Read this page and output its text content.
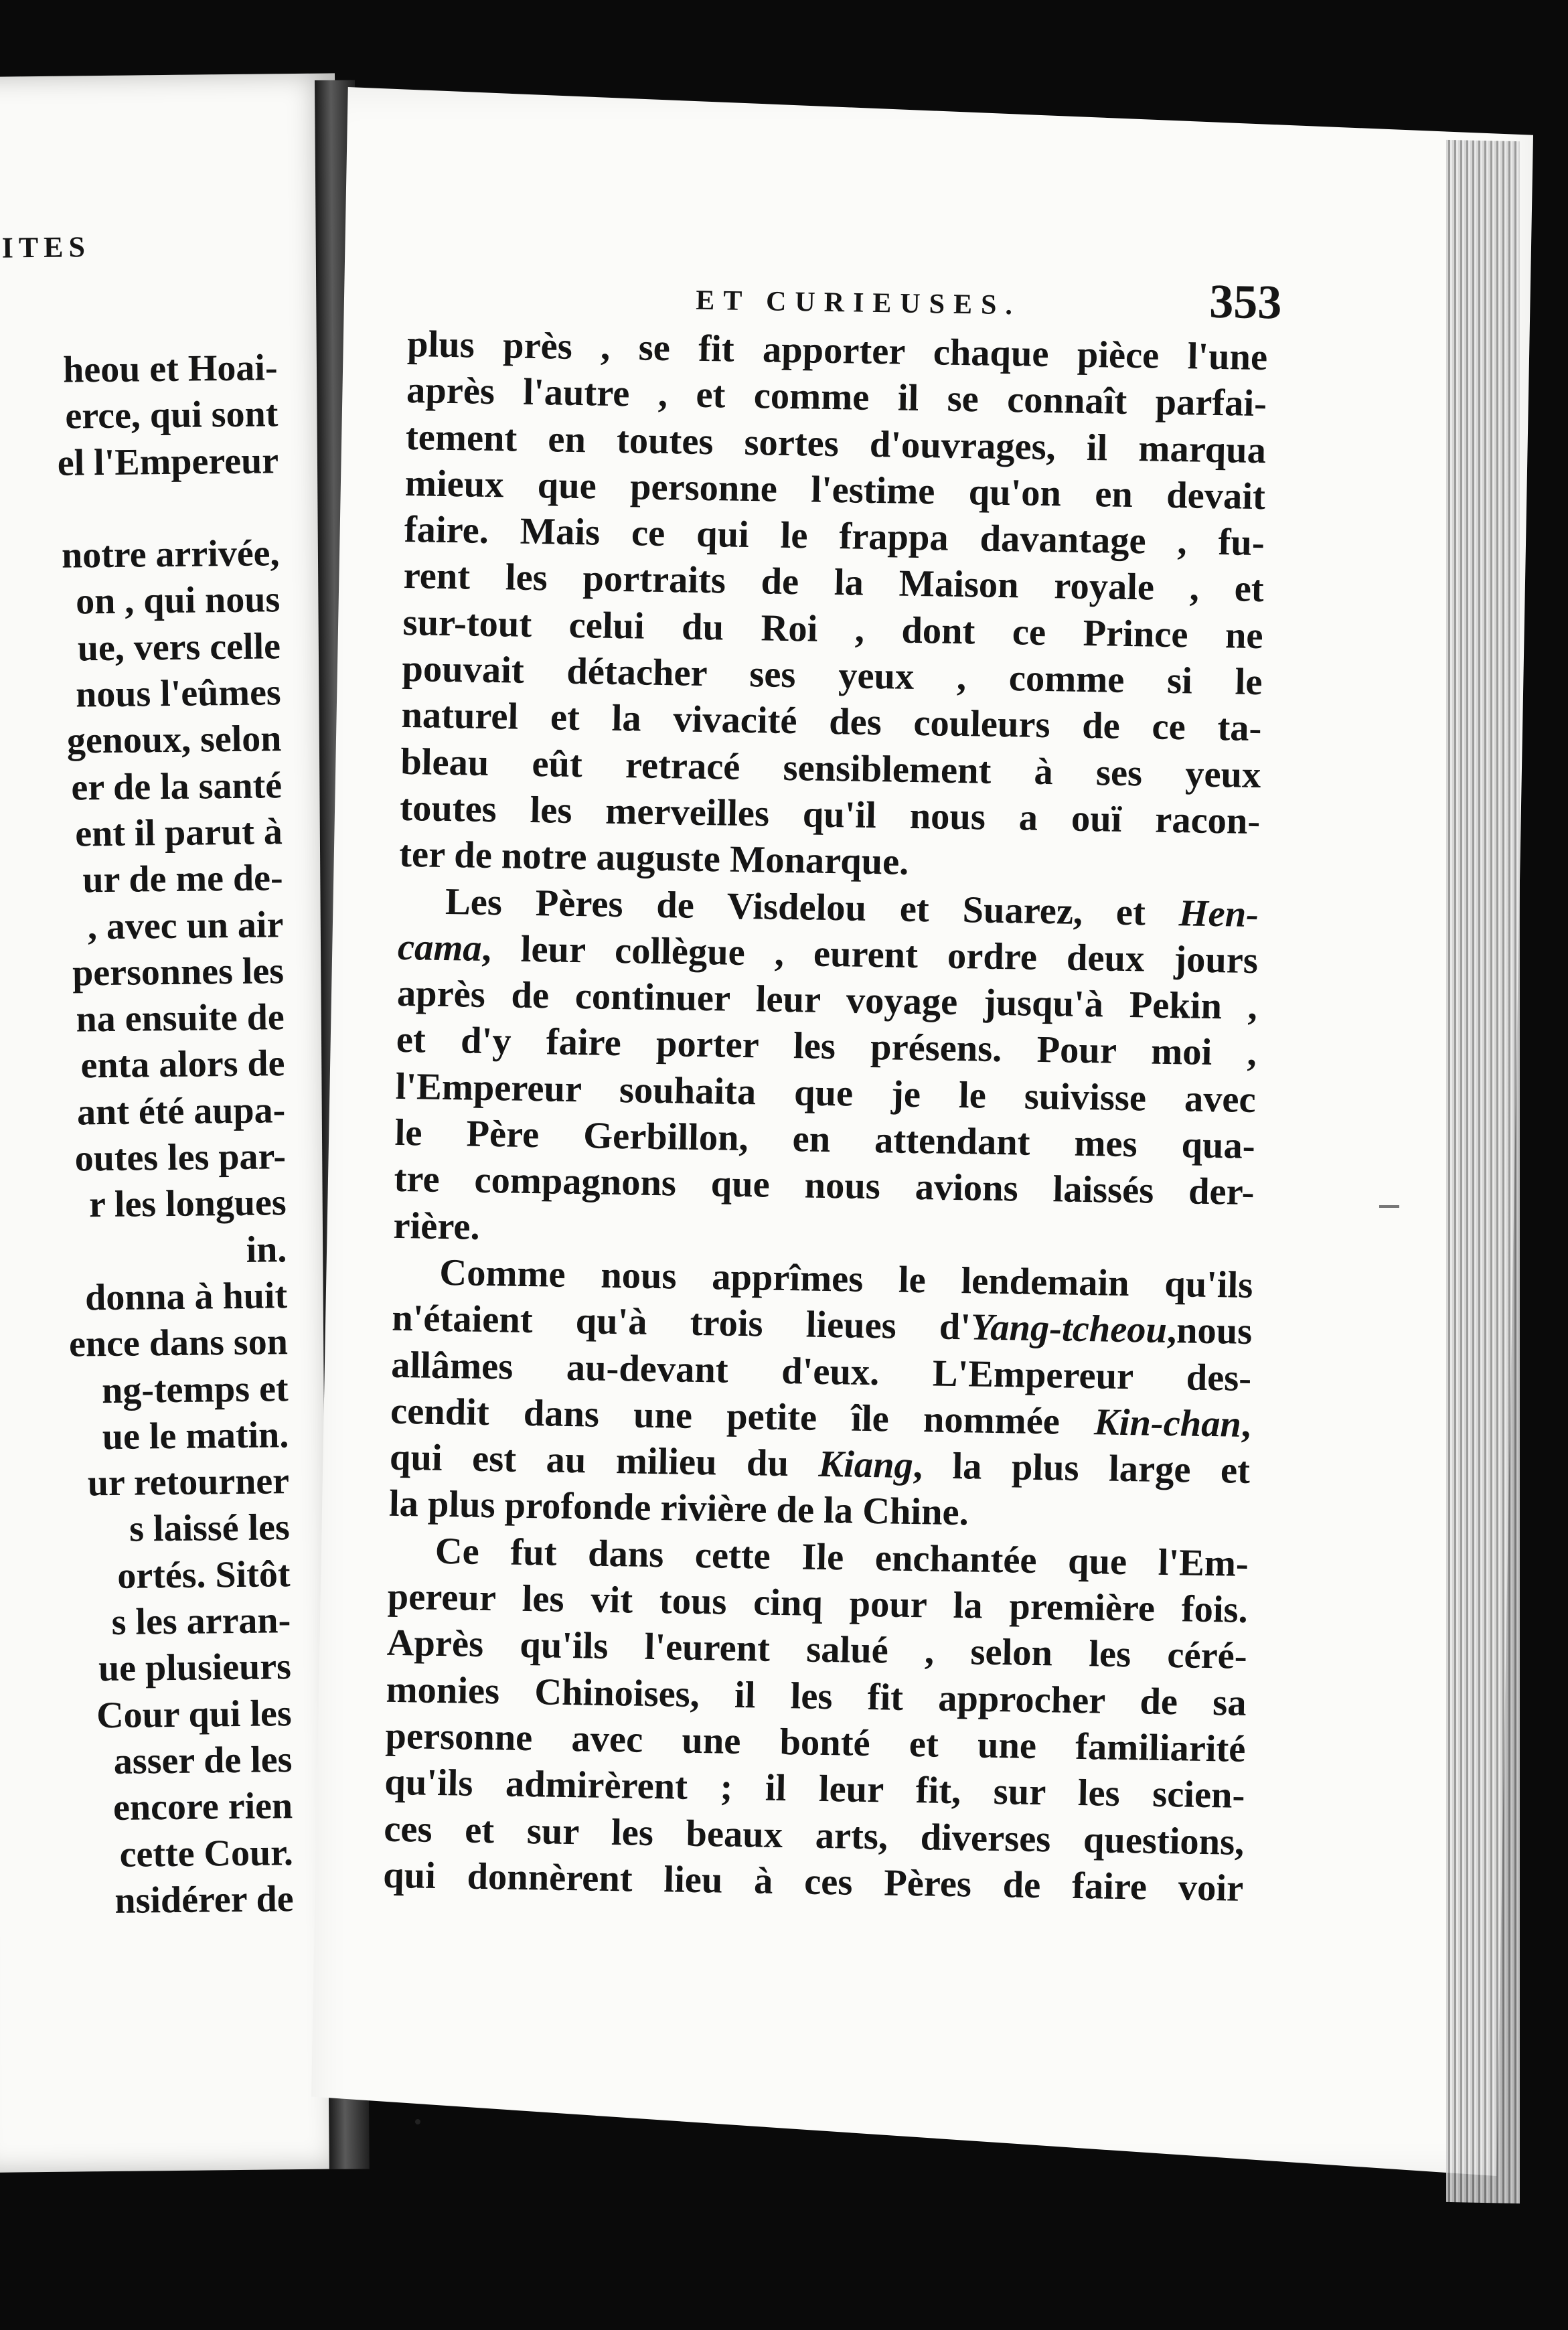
ITES
heou et Hoai-
erce, qui sont
el l'Empereur
notre arrivée,
on , qui nous
ue, vers celle
nous l'eûmes
genoux, selon
er de la santé
ent il parut à
ur de me de-
, avec un air
personnes les
na ensuite de
enta alors de
ant été aupa-
outes les par-
r les longues
in.
donna à huit
ence dans son
ng-temps et
ue le matin.
ur retourner
s laissé les
ortés. Sitôt
s les arran-
ue plusieurs
Cour qui les
asser de les
encore rien
cette Cour.
nsidérer de
ET CURIEUSES.	353
plus près , se fit apporter chaque pièce l'une
après l'autre , et comme il se connaît parfai-
tement en toutes sortes d'ouvrages, il marqua
mieux que personne l'estime qu'on en devait
faire. Mais ce qui le frappa davantage , fu-
rent les portraits de la Maison royale , et
sur-tout celui du Roi , dont ce Prince ne
pouvait détacher ses yeux , comme si le
naturel et la vivacité des couleurs de ce ta-
bleau eût retracé sensiblement à ses yeux
toutes les merveilles qu'il nous a ouï racon-
ter de notre auguste Monarque.
Les Pères de Visdelou et Suarez, et Hen-
cama, leur collègue , eurent ordre deux jours
après de continuer leur voyage jusqu'à Pekin ,
et d'y faire porter les présens. Pour moi ,
l'Empereur souhaita que je le suivisse avec
le Père Gerbillon, en attendant mes qua-
tre compagnons que nous avions laissés der-
rière.
Comme nous apprîmes le lendemain qu'ils
n'étaient qu'à trois lieues d'Yang-tcheou,nous
allâmes au-devant d'eux. L'Empereur des-
cendit dans une petite île nommée Kin-chan,
qui est au milieu du Kiang, la plus large et
la plus profonde rivière de la Chine.
Ce fut dans cette Ile enchantée que l'Em-
pereur les vit tous cinq pour la première fois.
Après qu'ils l'eurent salué , selon les céré-
monies Chinoises, il les fit approcher de sa
personne avec une bonté et une familiarité
qu'ils admirèrent ; il leur fit, sur les scien-
ces et sur les beaux arts, diverses questions,
qui donnèrent lieu à ces Pères de faire voir
